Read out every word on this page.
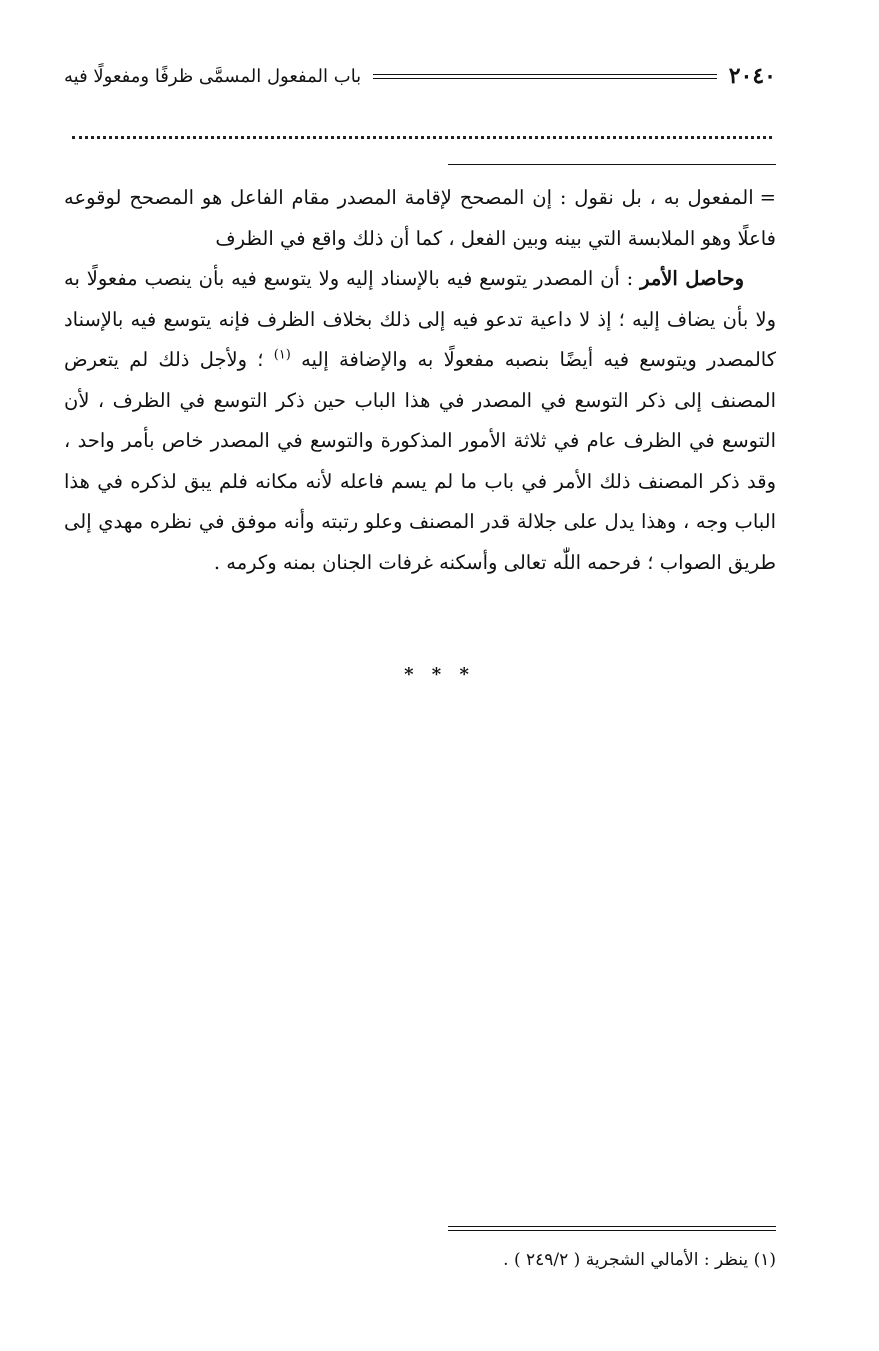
٢٠٤٠
باب المفعول المسمَّى ظرفًا ومفعولًا فيه

=المفعول به ، بل نقول : إن المصحح لإقامة المصدر مقام الفاعل هو المصحح لوقوعه فاعلًا وهو الملابسة التي بينه وبين الفعل ، كما أن ذلك واقع في الظرف

وحاصل الأمر : أن المصدر يتوسع فيه بالإسناد إليه ولا يتوسع فيه بأن ينصب مفعولًا به ولا بأن يضاف إليه ؛ إذ لا داعية تدعو فيه إلى ذلك بخلاف الظرف فإنه يتوسع فيه بالإسناد كالمصدر ويتوسع فيه أيضًا بنصبه مفعولًا به والإضافة إليه $^{(١)}$ ؛ ولأجل ذلك لم يتعرض المصنف إلى ذكر التوسع في المصدر في هذا الباب حين ذكر التوسع في الظرف ، لأن التوسع في الظرف عام في ثلاثة الأمور المذكورة والتوسع في المصدر خاص بأمر واحد ، وقد ذكر المصنف ذلك الأمر في باب ما لم يسم فاعله لأنه مكانه فلم يبق لذكره في هذا الباب وجه ، وهذا يدل على جلالة قدر المصنف وعلو رتبته وأنه موفق في نظره مهدي إلى طريق الصواب ؛ فرحمه اللّٰه تعالى وأسكنه غرفات الجنان بمنه وكرمه .

* * *
(١) ينظر : الأمالي الشجرية ( ٢٤٩/٢ ) .
